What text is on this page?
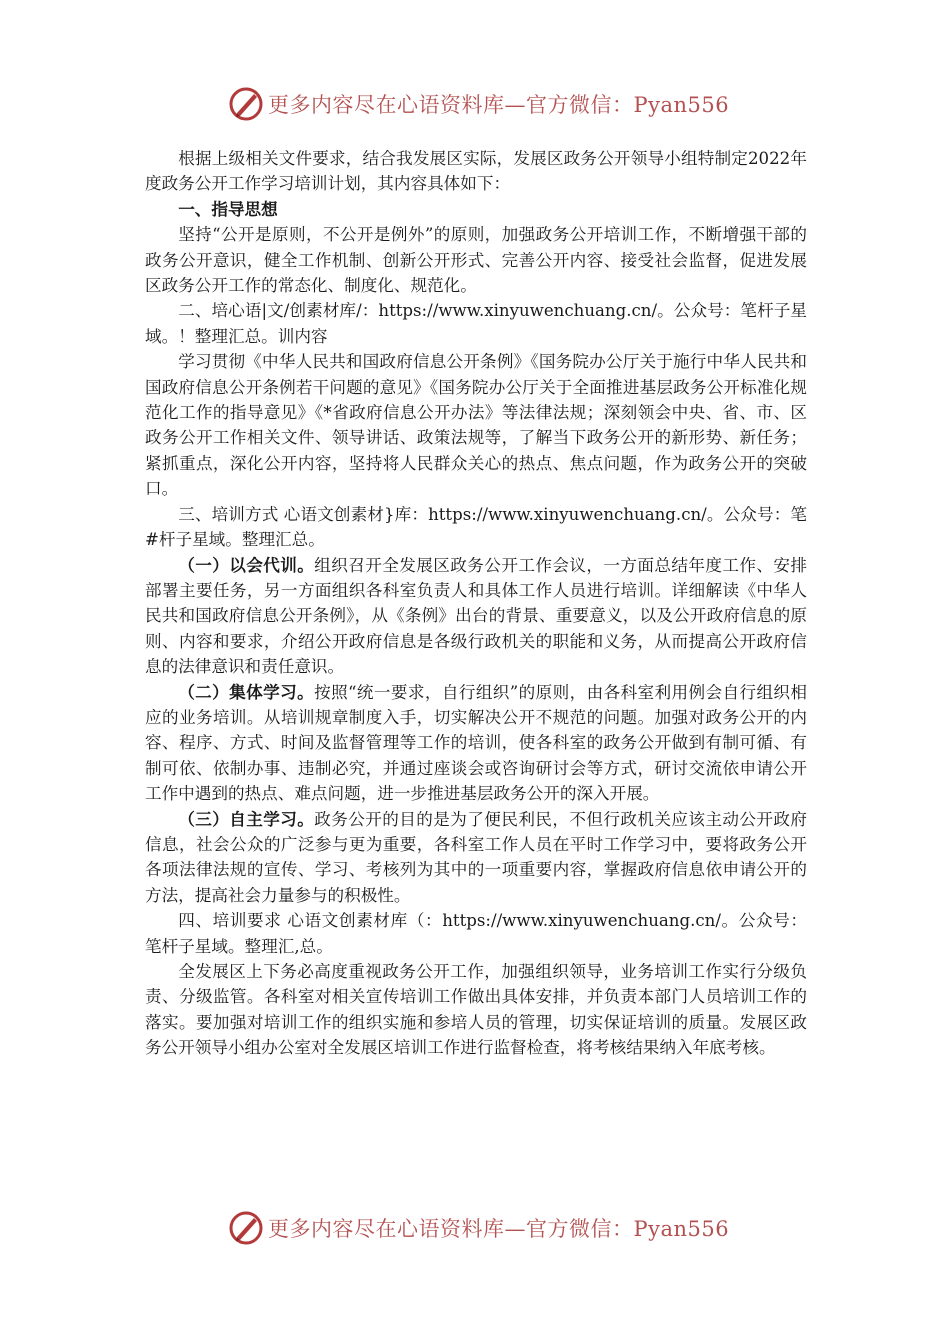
更多内容尽在心语资料库—官方微信：Pyan556

根据上级相关文件要求，结合我发展区实际，发展区政务公开领导小组特制定2022年度政务公开工作学习培训计划，其内容具体如下：

一、指导思想

坚持“公开是原则，不公开是例外”的原则，加强政务公开培训工作，不断增强干部的政务公开意识，健全工作机制、创新公开形式、完善公开内容、接受社会监督，促进发展区政务公开工作的常态化、制度化、规范化。

二、培心语|文/创素材库/：https://www.xinyuwenchuang.cn/。公众号：笔杆子星域。！整理汇总。训内容

学习贯彻《中华人民共和国政府信息公开条例》《国务院办公厅关于施行中华人民共和国政府信息公开条例若干问题的意见》《国务院办公厅关于全面推进基层政务公开标准化规范化工作的指导意见》《*省政府信息公开办法》等法律法规；深刻领会中央、省、市、区政务公开工作相关文件、领导讲话、政策法规等，了解当下政务公开的新形势、新任务；紧抓重点，深化公开内容，坚持将人民群众关心的热点、焦点问题，作为政务公开的突破口。

三、培训方式 心语文创素材}库：https://www.xinyuwenchuang.cn/。公众号：笔#杆子星域。整理汇总。

（一）以会代训。组织召开全发展区政务公开工作会议，一方面总结年度工作、安排部署主要任务，另一方面组织各科室负责人和具体工作人员进行培训。详细解读《中华人民共和国政府信息公开条例》，从《条例》出台的背景、重要意义，以及公开政府信息的原则、内容和要求，介绍公开政府信息是各级行政机关的职能和义务，从而提高公开政府信息的法律意识和责任意识。

（二）集体学习。按照“统一要求，自行组织”的原则，由各科室利用例会自行组织相应的业务培训。从培训规章制度入手，切实解决公开不规范的问题。加强对政务公开的内容、程序、方式、时间及监督管理等工作的培训，使各科室的政务公开做到有制可循、有制可依、依制办事、违制必究，并通过座谈会或咨询研讨会等方式，研讨交流依申请公开工作中遇到的热点、难点问题，进一步推进基层政务公开的深入开展。

（三）自主学习。政务公开的目的是为了便民利民，不但行政机关应该主动公开政府信息，社会公众的广泛参与更为重要，各科室工作人员在平时工作学习中，要将政务公开各项法律法规的宣传、学习、考核列为其中的一项重要内容，掌握政府信息依申请公开的方法，提高社会力量参与的积极性。

四、培训要求 心语文创素材库（：https://www.xinyuwenchuang.cn/。公众号：笔杆子星域。整理汇,总。

全发展区上下务必高度重视政务公开工作，加强组织领导，业务培训工作实行分级负责、分级监管。各科室对相关宣传培训工作做出具体安排，并负责本部门人员培训工作的落实。要加强对培训工作的组织实施和参培人员的管理，切实保证培训的质量。发展区政务公开领导小组办公室对全发展区培训工作进行监督检查，将考核结果纳入年底考核。

更多内容尽在心语资料库—官方微信：Pyan556
